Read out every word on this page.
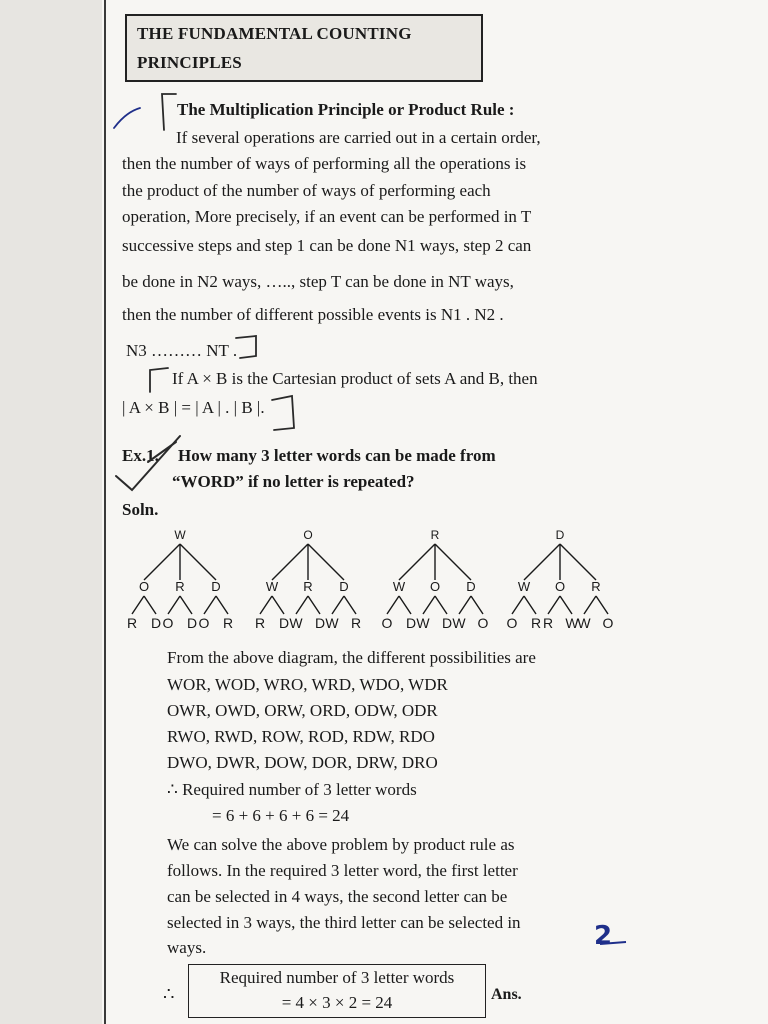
THE FUNDAMENTAL COUNTING
PRINCIPLES
The Multiplication Principle or Product Rule :
If several operations are carried out in a certain order,
then the number of ways of performing all the operations is
the product of the number of ways of performing each
operation, More precisely, if an event can be performed in T
successive steps and step 1 can be done N1 ways, step 2 can
be done in N2 ways, ….., step T can be done in NT ways,
then the number of different possible events is N1 . N2 .
N3 ……… NT .
If A × B is the Cartesian product of sets A and B, then
| A × B | = | A | . | B |.
Ex.1. How many 3 letter words can be made from
“WORD” if no letter is repeated?
Soln.
W
O
R D
R
O D
D
O R
O
W
R D
R
W D
D
W R
R
W
O D
O
W D
D
W O
D
W
O R
O
R W
R
W O
From the above diagram, the different possibilities are
WOR, WOD, WRO, WRD, WDO, WDR
OWR, OWD, ORW, ORD, ODW, ODR
RWO, RWD, ROW, ROD, RDW, RDO
DWO, DWR, DOW, DOR, DRW, DRO
∴ Required number of 3 letter words
= 6 + 6 + 6 + 6 = 24
We can solve the above problem by product rule as
follows. In the required 3 letter word, the first letter
can be selected in 4 ways, the second letter can be
selected in 3 ways, the third letter can be selected in
ways.
∴
Required number of 3 letter words
= 4 × 3 × 2 = 24	Ans.
2
